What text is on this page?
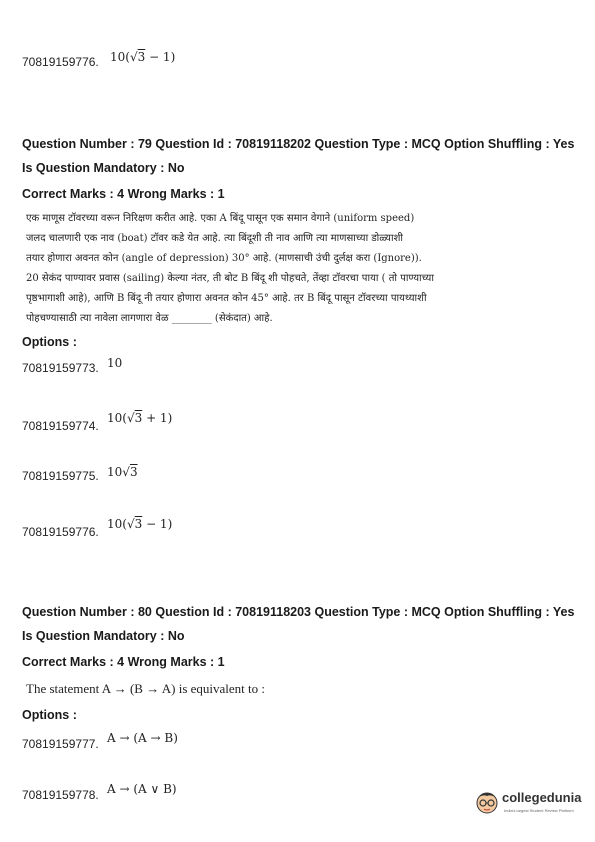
70819159776. 10(√3 − 1)
Question Number : 79 Question Id : 70819118202 Question Type : MCQ Option Shuffling : Yes
Is Question Mandatory : No
Correct Marks : 4 Wrong Marks : 1
एक माणूस टॉवरच्या वरून निरिक्षण करीत आहे. एका A बिंदू पासून एक समान वेगाने (uniform speed)
जलद चालणारी एक नाव (boat) टॉवर कडे येत आहे. त्या बिंदूशी ती नाव आणि त्या माणसाच्या डोळ्याशी
तयार होणारा अवनत कोन (angle of depression) 30° आहे. (माणसाची उंची दुर्लक्ष करा (Ignore)).
20 सेकंद पाण्यावर प्रवास (sailing) केल्या नंतर, ती बोट B बिंदू शी पोहचते, तेंव्हा टॉवरचा पाया ( तो पाण्याच्या
पृष्ठभागाशी आहे), आणि B बिंदू नी तयार होणारा अवनत कोन 45° आहे. तर B बिंदू पासून टॉवरच्या पायथ्याशी
पोहचण्यासाठी त्या नावेला लागणारा वेळ ________ (सेकंदात) आहे.
Options :
70819159773. 10
70819159774.
10(√3 + 1)
70819159775. 10√3
70819159776.
10(√3 − 1)
Question Number : 80 Question Id : 70819118203 Question Type : MCQ Option Shuffling : Yes
Is Question Mandatory : No
Correct Marks : 4 Wrong Marks : 1
The statement A → (B → A) is equivalent to :
Options :
70819159777. A → (A → B)
70819159778. A → (A ∨ B)
collegedunia
India's largest Student Review Platform
